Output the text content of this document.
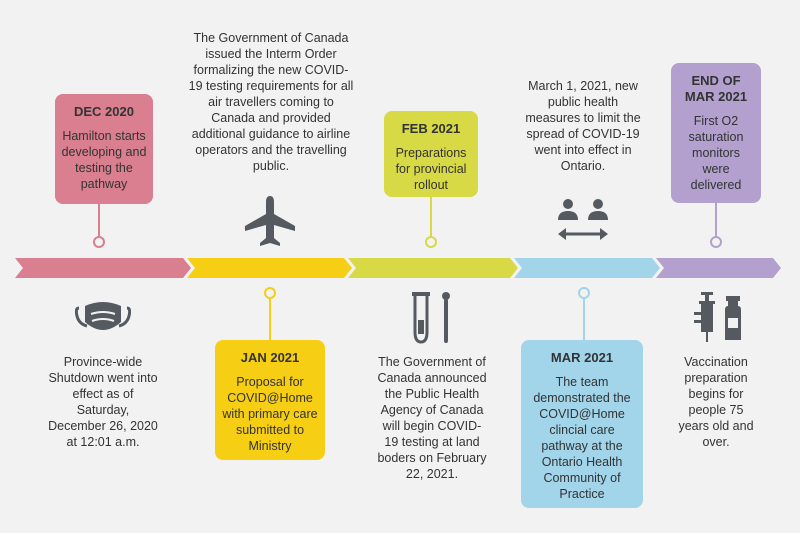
DEC 2020
Hamilton starts developing and testing the pathway
Province-wide Shutdown went into effect as of Saturday, December 26, 2020 at 12:01 a.m.
The Government of Canada issued the Interm Order formalizing the new COVID-19 testing requirements for all air travellers coming to Canada and provided additional guidance to airline operators and the travelling public.
JAN 2021
Proposal for COVID@Home with primary care submitted to Ministry
FEB 2021
Preparations for provincial rollout
The Government of Canada announced the Public Health Agency of Canada will begin COVID-19 testing at land boders on February 22, 2021.
March 1, 2021, new public health measures to limit the spread of COVID-19 went into effect in Ontario.
MAR 2021
The team demonstrated the COVID@Home clincial care pathway at the Ontario Health Community of Practice
END OF MAR 2021
First O2 saturation monitors were delivered
Vaccination preparation begins for people 75 years old and over.
